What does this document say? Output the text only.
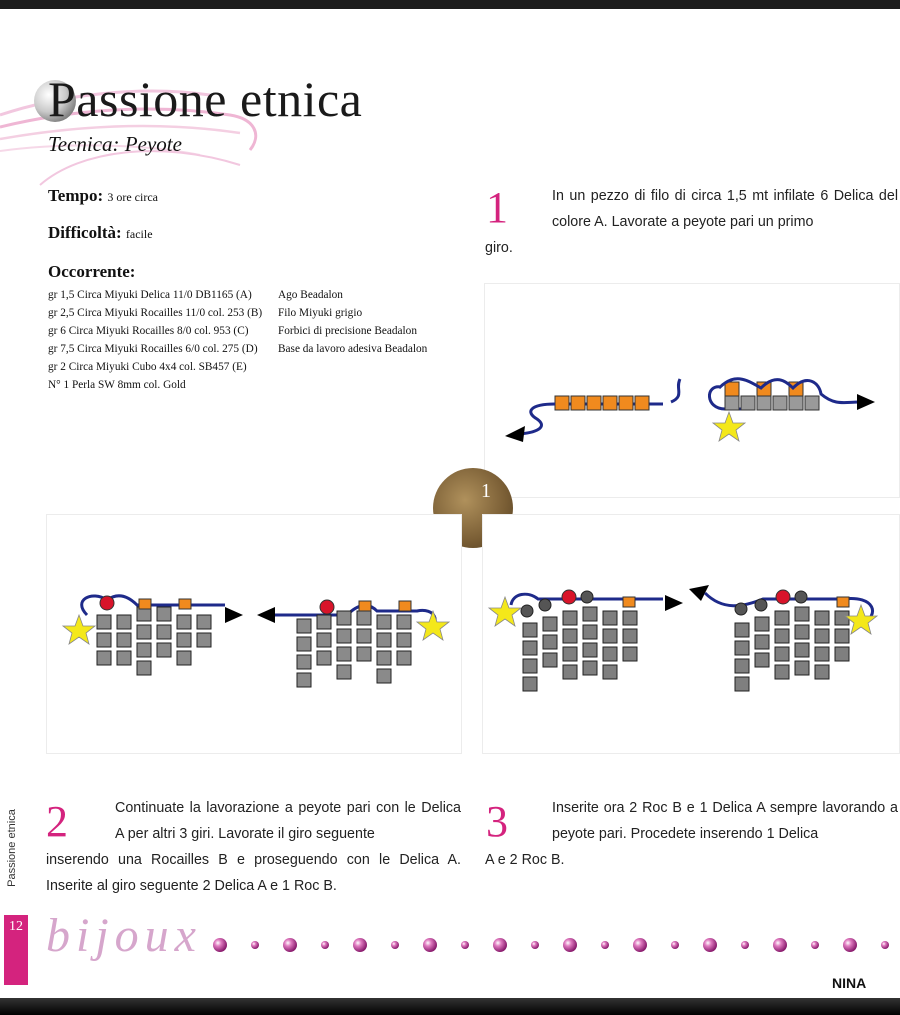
Passione etnica
Tecnica: Peyote
Tempo: 3 ore circa
Difficoltà: facile
Occorrente:
gr 1,5 Circa Miyuki Delica 11/0 DB1165 (A)
gr 2,5 Circa Miyuki Rocailles 11/0 col. 253 (B)
gr 6 Circa Miyuki Rocailles 8/0 col. 953 (C)
gr 7,5 Circa Miyuki Rocailles 6/0 col. 275 (D)
gr 2 Circa Miyuki Cubo 4x4 col. SB457 (E)
N° 1 Perla SW 8mm col. Gold
Ago Beadalon
Filo Miyuki grigio
Forbici di precisione Beadalon
Base da lavoro adesiva Beadalon
1	In un pezzo di filo di circa 1,5 mt infilate 6 Delica del colore A. Lavorate a peyote pari un primo
giro.
1
2	Continuate la lavorazione a peyote pari con le Delica A per altri 3 giri. Lavorate il giro seguente
inserendo una Rocailles B e proseguendo con le Delica A. Inserite al giro seguente 2 Delica A e 1 Roc B.
3	Inserite ora 2 Roc B e 1 Delica A sempre lavorando a peyote pari. Procedete inserendo 1 Delica
A e 2 Roc B.
Passione etnica
12 bijoux
NINA
